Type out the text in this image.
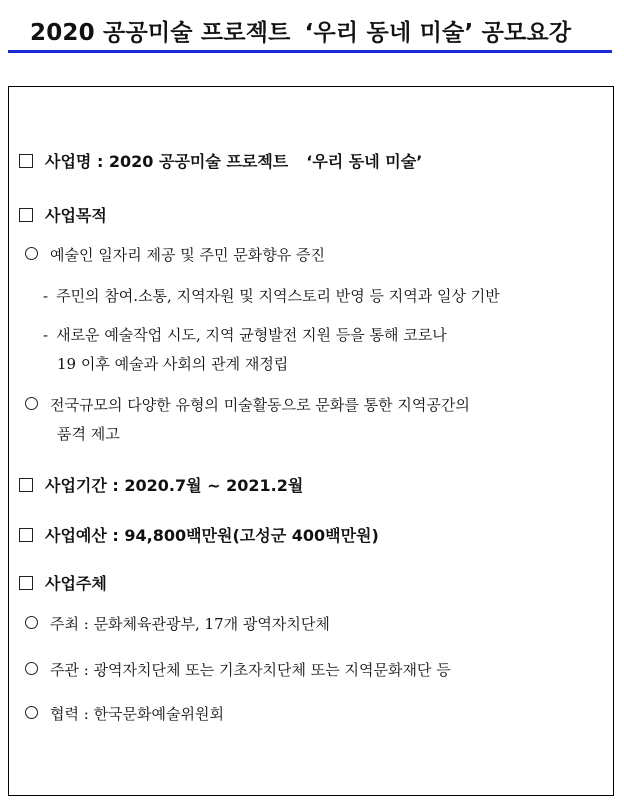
2020 공공미술 프로젝트 ‘우리 동네 미술’ 공모요강
사업명 : 2020 공공미술 프로젝트 ‘우리 동네 미술’
사업목적
예술인 일자리 제공 및 주민 문화향유 증진
- 주민의 참여.소통, 지역자원 및 지역스토리 반영 등 지역과 일상 기반
- 새로운 예술작업 시도, 지역 균형발전 지원 등을 통해 코로나
19 이후 예술과 사회의 관계 재정립
전국규모의 다양한 유형의 미술활동으로 문화를 통한 지역공간의
품격 제고
사업기간 : 2020.7월 ~ 2021.2월
사업예산 : 94,800백만원(고성군 400백만원)
사업주체
주최 : 문화체육관광부, 17개 광역자치단체
주관 : 광역자치단체 또는 기초자치단체 또는 지역문화재단 등
협력 : 한국문화예술위원회
